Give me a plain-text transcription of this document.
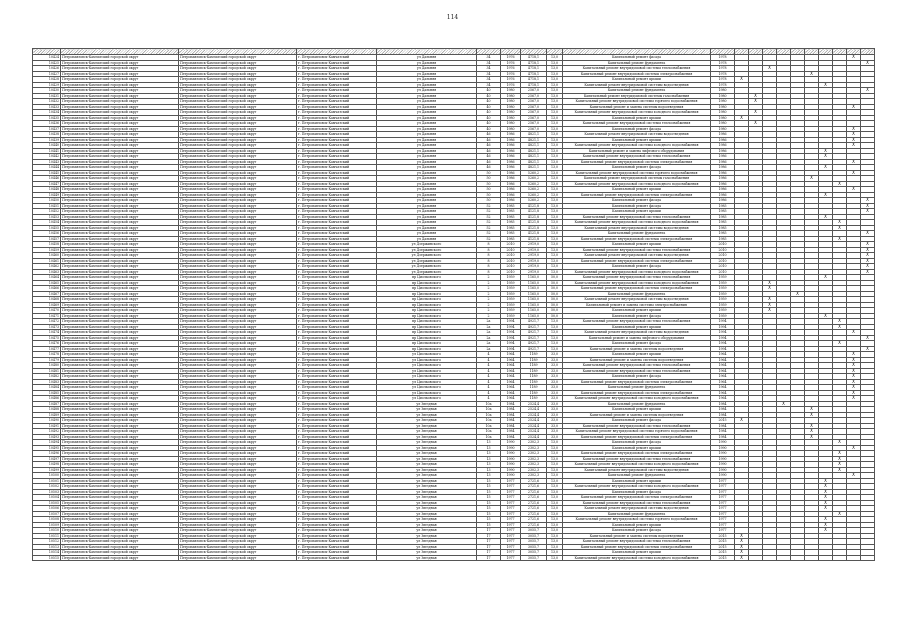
114

10424	Петропавловск-Камчатский городской округ	Петропавловск-Камчатский городской округ	г. Петропавловск-Камчатский	ул Дальняя	34	1976	4718,1	13,0	Капитальный ремонт фасада	1978									X	
10425	Петропавловск-Камчатский городской округ	Петропавловск-Камчатский городской округ	г. Петропавловск-Камчатский	ул Дальняя	34	1976	4718,1	13,0	Капитальный ремонт фундамента	1978										X
10426	Петропавловск-Камчатский городской округ	Петропавловск-Камчатский городской округ	г. Петропавловск-Камчатский	ул Дальняя	34	1976	4718,1	13,0	Капитальный ремонт внутридомовой системы теплоснабжения	1978			X							
10427	Петропавловск-Камчатский городской округ	Петропавловск-Камчатский городской округ	г. Петропавловск-Камчатский	ул Дальняя	34	1976	4718,1	13,0	Капитальный ремонт внутридомовой системы электроснабжения	1978						X				
10428	Петропавловск-Камчатский городской округ	Петропавловск-Камчатский городской округ	г. Петропавловск-Камчатский	ул Дальняя	34	1976	4718,1	13,0	Капитальный ремонт крыши	1978	X									
10429	Петропавловск-Камчатский городской округ	Петропавловск-Камчатский городской округ	г. Петропавловск-Камчатский	ул Дальняя	34	1976	4718,1	13,0	Капитальный ремонт внутридомовой системы водоотведения	1978							X			
10430	Петропавловск-Камчатский городской округ	Петропавловск-Камчатский городской округ	г. Петропавловск-Камчатский	ул Дальняя	40	1980	2567,0	13,0	Капитальный ремонт фундамента	1980										X
10431	Петропавловск-Камчатский городской округ	Петропавловск-Камчатский городской округ	г. Петропавловск-Камчатский	ул Дальняя	40	1980	2567,0	13,0	Капитальный ремонт внутридомовой системы газоснабжения	1980		X								
10432	Петропавловск-Камчатский городской округ	Петропавловск-Камчатский городской округ	г. Петропавловск-Камчатский	ул Дальняя	40	1980	2567,0	13,0	Капитальный ремонт внутридомовой системы горячего водоснабжения	1980		X								
10433	Петропавловск-Камчатский городской округ	Петропавловск-Камчатский городской округ	г. Петропавловск-Камчатский	ул Дальняя	40	1980	2567,0	13,0	Капитальный ремонт и замена системы водоотведения	1980									X	
10434	Петропавловск-Камчатский городской округ	Петропавловск-Камчатский городской округ	г. Петропавловск-Камчатский	ул Дальняя	40	1980	2567,0	13,0	Капитальный ремонт внутридомовой системы холодного водоснабжения	1980		X								
10435	Петропавловск-Камчатский городской округ	Петропавловск-Камчатский городской округ	г. Петропавловск-Камчатский	ул Дальняя	40	1980	2567,0	13,0	Капитальный ремонт крыши	1980	X									
10436	Петропавловск-Камчатский городской округ	Петропавловск-Камчатский городской округ	г. Петропавловск-Камчатский	ул Дальняя	40	1980	2567,0	13,0	Капитальный ремонт внутридомовой системы теплоснабжения	1980		X								
10437	Петропавловск-Камчатский городской округ	Петропавловск-Камчатский городской округ	г. Петропавловск-Камчатский	ул Дальняя	40	1980	2567,0	13,0	Капитальный ремонт фасада	1980									X	
10438	Петропавловск-Камчатский городской округ	Петропавловск-Камчатский городской округ	г. Петропавловск-Камчатский	ул Дальняя	46	1986	4821,1	13,0	Капитальный ремонт внутридомовой системы водоотведения	1986									X	
10439	Петропавловск-Камчатский городской округ	Петропавловск-Камчатский городской округ	г. Петропавловск-Камчатский	ул Дальняя	46	1986	4821,1	13,0	Капитальный ремонт крыши	1986									X	
10440	Петропавловск-Камчатский городской округ	Петропавловск-Камчатский городской округ	г. Петропавловск-Камчатский	ул Дальняя	46	1986	4821,1	13,0	Капитальный ремонт внутридомовой системы холодного водоснабжения	1986									X	
10441	Петропавловск-Камчатский городской округ	Петропавловск-Камчатский городской округ	г. Петропавловск-Камчатский	ул Дальняя	46	1986	4821,1	13,0	Капитальный ремонт и замена лифтового оборудования	1986							X			
10442	Петропавловск-Камчатский городской округ	Петропавловск-Камчатский городской округ	г. Петропавловск-Камчатский	ул Дальняя	46	1986	4821,1	13,0	Капитальный ремонт внутридомовой системы теплоснабжения	1986							X			
10443	Петропавловск-Камчатский городской округ	Петропавловск-Камчатский городской округ	г. Петропавловск-Камчатский	ул Дальняя	46	1986	4821,1	13,0	Капитальный ремонт внутридомовой системы электроснабжения	1986									X	
10444	Петропавловск-Камчатский городской округ	Петропавловск-Камчатский городской округ	г. Петропавловск-Камчатский	ул Дальняя	46	1986	4821,1	13,0	Капитальный ремонт фасада	1986							X			
10445	Петропавловск-Камчатский городской округ	Петропавловск-Камчатский городской округ	г. Петропавловск-Камчатский	ул Дальняя	50	1986	5260,2	13,0	Капитальный ремонт внутридомовой системы горячего водоснабжения	1986									X	
10446	Петропавловск-Камчатский городской округ	Петропавловск-Камчатский городской округ	г. Петропавловск-Камчатский	ул Дальняя	50	1986	5260,2	13,0	Капитальный ремонт внутридомовой системы газоснабжения	1986						X				
10447	Петропавловск-Камчатский городской округ	Петропавловск-Камчатский городской округ	г. Петропавловск-Камчатский	ул Дальняя	50	1986	5260,2	13,0	Капитальный ремонт внутридомовой системы холодного водоснабжения	1986								X		
10448	Петропавловск-Камчатский городской округ	Петропавловск-Камчатский городской округ	г. Петропавловск-Камчатский	ул Дальняя	50	1986	5260,2	13,0	Капитальный ремонт крыши	1986									X	
10449	Петропавловск-Камчатский городской округ	Петропавловск-Камчатский городской округ	г. Петропавловск-Камчатский	ул Дальняя	50	1986	5260,2	13,0	Капитальный ремонт внутридомовой системы электроснабжения	1986							X			
10450	Петропавловск-Камчатский городской округ	Петропавловск-Камчатский городской округ	г. Петропавловск-Камчатский	ул Дальняя	50	1986	5260,2	13,0	Капитальный ремонт фасада	1986										X
10451	Петропавловск-Камчатский городской округ	Петропавловск-Камчатский городской округ	г. Петропавловск-Камчатский	ул Дальняя	52	1985	4121,8	13,0	Капитальный ремонт фасада	1985										X
10452	Петропавловск-Камчатский городской округ	Петропавловск-Камчатский городской округ	г. Петропавловск-Камчатский	ул Дальняя	52	1985	4121,8	13,0	Капитальный ремонт крыши	1985										X
10453	Петропавловск-Камчатский городской округ	Петропавловск-Камчатский городской округ	г. Петропавловск-Камчатский	ул Дальняя	52	1985	4121,8	13,0	Капитальный ремонт внутридомовой системы теплоснабжения	1985							X			
10454	Петропавловск-Камчатский городской округ	Петропавловск-Камчатский городской округ	г. Петропавловск-Камчатский	ул Дальняя	52	1985	4121,8	13,0	Капитальный ремонт внутридомовой системы холодного водоснабжения	1985								X		
10455	Петропавловск-Камчатский городской округ	Петропавловск-Камчатский городской округ	г. Петропавловск-Камчатский	ул Дальняя	52	1985	4121,8	13,0	Капитальный ремонт внутридомовой системы водоотведения	1985								X		
10456	Петропавловск-Камчатский городской округ	Петропавловск-Камчатский городской округ	г. Петропавловск-Камчатский	ул Дальняя	52	1985	4121,8	13,0	Капитальный ремонт фундамента	1985										X
10457	Петропавловск-Камчатский городской округ	Петропавловск-Камчатский городской округ	г. Петропавловск-Камчатский	ул Дальняя	52	1985	4121,8	13,0	Капитальный ремонт внутридомовой системы электроснабжения	1985								X		
10458	Петропавловск-Камчатский городской округ	Петропавловск-Камчатский городской округ	г. Петропавловск-Камчатский	ул Дзержинского	8	2010	2919,0	13,0	Капитальный ремонт крыши	2010										X
10459	Петропавловск-Камчатский городской округ	Петропавловск-Камчатский городской округ	г. Петропавловск-Камчатский	ул Дзержинского	8	2010	2919,0	13,0	Капитальный ремонт внутридомовой системы теплоснабжения	2010										X
10460	Петропавловск-Камчатский городской округ	Петропавловск-Камчатский городской округ	г. Петропавловск-Камчатский	ул Дзержинского	8	2010	2919,0	13,0	Капитальный ремонт внутридомовой системы водоотведения	2010										X
10461	Петропавловск-Камчатский городской округ	Петропавловск-Камчатский городской округ	г. Петропавловск-Камчатский	ул Дзержинского	8	2010	2919,0	13,0	Капитальный ремонт внутридомовой системы электроснабжения	2010										X
10462	Петропавловск-Камчатский городской округ	Петропавловск-Камчатский городской округ	г. Петропавловск-Камчатский	ул Дзержинского	8	2010	2919,0	13,0	Капитальный ремонт фасада	2010										X
10463	Петропавловск-Камчатский городской округ	Петропавловск-Камчатский городской округ	г. Петропавловск-Камчатский	ул Дзержинского	8	2010	2919,0	13,0	Капитальный ремонт внутридомовой системы холодного водоснабжения	2010										X
10464	Петропавловск-Камчатский городской округ	Петропавловск-Камчатский городской округ	г. Петропавловск-Камчатский	пр Циолковского	2	1959	1165,0	50,0	Капитальный ремонт внутридомовой системы теплоснабжения	1959							X			
10465	Петропавловск-Камчатский городской округ	Петропавловск-Камчатский городской округ	г. Петропавловск-Камчатский	пр Циолковского	2	1959	1165,0	50,0	Капитальный ремонт внутридомовой системы холодного водоснабжения	1959			X							
10466	Петропавловск-Камчатский городской округ	Петропавловск-Камчатский городской округ	г. Петропавловск-Камчатский	пр Циолковского	2	1959	1165,0	50,0	Капитальный ремонт внутридомовой системы электроснабжения	1959			X							
10467	Петропавловск-Камчатский городской округ	Петропавловск-Камчатский городской округ	г. Петропавловск-Камчатский	пр Циолковского	2	1959	1165,0	50,0	Капитальный ремонт фундамента	1959					X					
10468	Петропавловск-Камчатский городской округ	Петропавловск-Камчатский городской округ	г. Петропавловск-Камчатский	пр Циолковского	2	1959	1165,0	50,0	Капитальный ремонт внутридомовой системы водоотведения	1959			X							
10469	Петропавловск-Камчатский городской округ	Петропавловск-Камчатский городской округ	г. Петропавловск-Камчатский	пр Циолковского	2	1959	1165,0	50,0	Капитальный ремонт и замена системы электроснабжения	1959			X							
10470	Петропавловск-Камчатский городской округ	Петропавловск-Камчатский городской округ	г. Петропавловск-Камчатский	пр Циолковского	2	1959	1165,0	50,0	Капитальный ремонт крыши	1959			X							
10471	Петропавловск-Камчатский городской округ	Петропавловск-Камчатский городской округ	г. Петропавловск-Камчатский	пр Циолковского	2	1959	1165,0	50,0	Капитальный ремонт фасада	1959							X			
10472	Петропавловск-Камчатский городской округ	Петропавловск-Камчатский городской округ	г. Петропавловск-Камчатский	пр Циолковского	2а	1994	4921,7	13,0	Капитальный ремонт внутридомовой системы теплоснабжения	1994								X		
10473	Петропавловск-Камчатский городской округ	Петропавловск-Камчатский городской округ	г. Петропавловск-Камчатский	пр Циолковского	2а	1994	4921,7	13,0	Капитальный ремонт крыши	1994								X		
10474	Петропавловск-Камчатский городской округ	Петропавловск-Камчатский городской округ	г. Петропавловск-Камчатский	пр Циолковского	2а	1994	4921,7	13,0	Капитальный ремонт внутридомовой системы водоотведения	1994									X	
10475	Петропавловск-Камчатский городской округ	Петропавловск-Камчатский городской округ	г. Петропавловск-Камчатский	пр Циолковского	2а	1994	4921,7	13,0	Капитальный ремонт и замена лифтового оборудования	1994										X
10476	Петропавловск-Камчатский городской округ	Петропавловск-Камчатский городской округ	г. Петропавловск-Камчатский	пр Циолковского	2а	1994	4921,7	13,0	Капитальный ремонт фасада	1994								X		
10477	Петропавловск-Камчатский городской округ	Петропавловск-Камчатский городской округ	г. Петропавловск-Камчатский	пр Циолковского	2а	1994	4921,7	13,0	Капитальный ремонт и замена системы водоотведения	1994										X
10478	Петропавловск-Камчатский городской округ	Петропавловск-Камчатский городской округ	г. Петропавловск-Камчатский	ул Циолковского	4	1964	1189	33,0	Капитальный ремонт крыши	1964									X	
10479	Петропавловск-Камчатский городской округ	Петропавловск-Камчатский городской округ	г. Петропавловск-Камчатский	ул Циолковского	4	1964	1189	33,0	Капитальный ремонт и замена системы водоотведения	1964									X	
10480	Петропавловск-Камчатский городской округ	Петропавловск-Камчатский городской округ	г. Петропавловск-Камчатский	ул Циолковского	4	1964	1189	33,0	Капитальный ремонт внутридомовой системы теплоснабжения	1964									X	
10481	Петропавловск-Камчатский городской округ	Петропавловск-Камчатский городской округ	г. Петропавловск-Камчатский	ул Циолковского	4	1964	1189	33,0	Капитальный ремонт внутридомовой системы теплоснабжения	1964									X	
10482	Петропавловск-Камчатский городской округ	Петропавловск-Камчатский городской округ	г. Петропавловск-Камчатский	ул Циолковского	4	1964	1189	33,0	Капитальный ремонт фасада	1964									X	
10483	Петропавловск-Камчатский городской округ	Петропавловск-Камчатский городской округ	г. Петропавловск-Камчатский	ул Циолковского	4	1964	1189	33,0	Капитальный ремонт внутридомовой системы электроснабжения	1964									X	
10484	Петропавловск-Камчатский городской округ	Петропавловск-Камчатский городской округ	г. Петропавловск-Камчатский	ул Циолковского	4	1964	1189	33,0	Капитальный ремонт фундамента	1964									X	
10485	Петропавловск-Камчатский городской округ	Петропавловск-Камчатский городской округ	г. Петропавловск-Камчатский	ул Циолковского	4	1964	1189	33,0	Капитальный ремонт внутридомовой системы электроснабжения	1964									X	
10486	Петропавловск-Камчатский городской округ	Петропавловск-Камчатский городской округ	г. Петропавловск-Камчатский	ул Циолковского	4	1964	1189	33,0	Капитальный ремонт внутридомовой системы холодного водоснабжения	1964									X	
10487	Петропавловск-Камчатский городской округ	Петропавловск-Камчатский городской округ	г. Петропавловск-Камчатский	ул Звездная	10а	1984	2524,4	33,0	Капитальный ремонт фундамента	1984				X						
10488	Петропавловск-Камчатский городской округ	Петропавловск-Камчатский городской округ	г. Петропавловск-Камчатский	ул Звездная	10а	1984	2524,4	33,0	Капитальный ремонт крыши	1984						X				
10489	Петропавловск-Камчатский городской округ	Петропавловск-Камчатский городской округ	г. Петропавловск-Камчатский	ул Звездная	10а	1984	2524,4	33,0	Капитальный ремонт и замена системы водоотведения	1984						X				
10490	Петропавловск-Камчатский городской округ	Петропавловск-Камчатский городской округ	г. Петропавловск-Камчатский	ул Звездная	10а	1984	2524,4	33,0	Капитальный ремонт фасада	2015	X									
10491	Петропавловск-Камчатский городской округ	Петропавловск-Камчатский городской округ	г. Петропавловск-Камчатский	ул Звездная	10а	1984	2524,4	33,0	Капитальный ремонт внутридомовой системы теплоснабжения	1984						X				
10492	Петропавловск-Камчатский городской округ	Петропавловск-Камчатский городской округ	г. Петропавловск-Камчатский	ул Звездная	10а	1984	2524,4	33,0	Капитальный ремонт внутридомовой системы горячего водоснабжения	1984						X				
10493	Петропавловск-Камчатский городской округ	Петропавловск-Камчатский городской округ	г. Петропавловск-Камчатский	ул Звездная	10а	1984	2524,4	33,0	Капитальный ремонт внутридомовой системы электроснабжения	1984						X				
10494	Петропавловск-Камчатский городской округ	Петропавловск-Камчатский городской округ	г. Петропавловск-Камчатский	ул Звездная	13	1990	2302,3	13,0	Капитальный ремонт фасада	1990								X		
10495	Петропавловск-Камчатский городской округ	Петропавловск-Камчатский городской округ	г. Петропавловск-Камчатский	ул Звездная	13	1990	2302,3	13,0	Капитальный ремонт крыши	1990									X	
10496	Петропавловск-Камчатский городской округ	Петропавловск-Камчатский городской округ	г. Петропавловск-Камчатский	ул Звездная	13	1990	2302,3	13,0	Капитальный ремонт внутридомовой системы электроснабжения	1990								X		
10497	Петропавловск-Камчатский городской округ	Петропавловск-Камчатский городской округ	г. Петропавловск-Камчатский	ул Звездная	13	1990	2302,3	13,0	Капитальный ремонт внутридомовой системы теплоснабжения	1990								X		
10498	Петропавловск-Камчатский городской округ	Петропавловск-Камчатский городской округ	г. Петропавловск-Камчатский	ул Звездная	13	1990	2302,3	13,0	Капитальный ремонт внутридомовой системы холодного водоснабжения	1990								X		
10499	Петропавловск-Камчатский городской округ	Петропавловск-Камчатский городской округ	г. Петропавловск-Камчатский	ул Звездная	13	1990	2302,3	13,0	Капитальный ремонт внутридомовой системы водоотведения	1990								X		
10500	Петропавловск-Камчатский городской округ	Петропавловск-Камчатский городской округ	г. Петропавловск-Камчатский	ул Звездная	13	1990	2302,3	13,0	Капитальный ремонт фундамента	1990									X	
10501	Петропавловск-Камчатский городской округ	Петропавловск-Камчатский городской округ	г. Петропавловск-Камчатский	ул Звездная	15	1977	2721,6	13,0	Капитальный ремонт крыши	1977							X			
10502	Петропавловск-Камчатский городской округ	Петропавловск-Камчатский городской округ	г. Петропавловск-Камчатский	ул Звездная	15	1977	2721,6	13,0	Капитальный ремонт внутридомовой системы холодного водоснабжения	1977							X			
10503	Петропавловск-Камчатский городской округ	Петропавловск-Камчатский городской округ	г. Петропавловск-Камчатский	ул Звездная	15	1977	2721,6	13,0	Капитальный ремонт фасада	1977							X			
10504	Петропавловск-Камчатский городской округ	Петропавловск-Камчатский городской округ	г. Петропавловск-Камчатский	ул Звездная	15	1977	2721,6	13,0	Капитальный ремонт внутридомовой системы электроснабжения	1977							X			
10505	Петропавловск-Камчатский городской округ	Петропавловск-Камчатский городской округ	г. Петропавловск-Камчатский	ул Звездная	15	1977	2721,6	13,0	Капитальный ремонт внутридомовой системы теплоснабжения	1977							X			
10506	Петропавловск-Камчатский городской округ	Петропавловск-Камчатский городской округ	г. Петропавловск-Камчатский	ул Звездная	15	1977	2721,6	13,0	Капитальный ремонт внутридомовой системы водоотведения	1977							X			
10507	Петропавловск-Камчатский городской округ	Петропавловск-Камчатский городской округ	г. Петропавловск-Камчатский	ул Звездная	15	1977	2721,6	13,0	Капитальный ремонт фундамента	1977								X		
10508	Петропавловск-Камчатский городской округ	Петропавловск-Камчатский городской округ	г. Петропавловск-Камчатский	ул Звездная	15	1977	2721,6	13,0	Капитальный ремонт внутридомовой системы горячего водоснабжения	1977							X			
10509	Петропавловск-Камчатский городской округ	Петропавловск-Камчатский городской округ	г. Петропавловск-Камчатский	ул Звездная	15	1977	2721,6	13,0	Капитальный ремонт крыши	1977							X			
10510	Петропавловск-Камчатский городской округ	Петропавловск-Камчатский городской округ	г. Петропавловск-Камчатский	ул Звездная	17	1977	3055,7	13,0	Капитальный ремонт фасада	1977							X			
10511	Петропавловск-Камчатский городской округ	Петропавловск-Камчатский городской округ	г. Петропавловск-Камчатский	ул Звездная	17	1977	3055,7	13,0	Капитальный ремонт и замена системы водоотведения	2015	X									
10512	Петропавловск-Камчатский городской округ	Петропавловск-Камчатский городской округ	г. Петропавловск-Камчатский	ул Звездная	17	1977	3055,7	13,0	Капитальный ремонт внутридомовой системы теплоснабжения	2015	X									
10513	Петропавловск-Камчатский городской округ	Петропавловск-Камчатский городской округ	г. Петропавловск-Камчатский	ул Звездная	17	1977	3055,7	13,0	Капитальный ремонт внутридомовой системы электроснабжения	2015	X									
10514	Петропавловск-Камчатский городской округ	Петропавловск-Камчатский городской округ	г. Петропавловск-Камчатский	ул Звездная	17	1977	3055,7	13,0	Капитальный ремонт крыши	2015	X									
10515	Петропавловск-Камчатский городской округ	Петропавловск-Камчатский городской округ	г. Петропавловск-Камчатский	ул Звездная	17	1977	3055,7	13,0	Капитальный ремонт внутридомовой системы холодного водоснабжения	2015	X									
